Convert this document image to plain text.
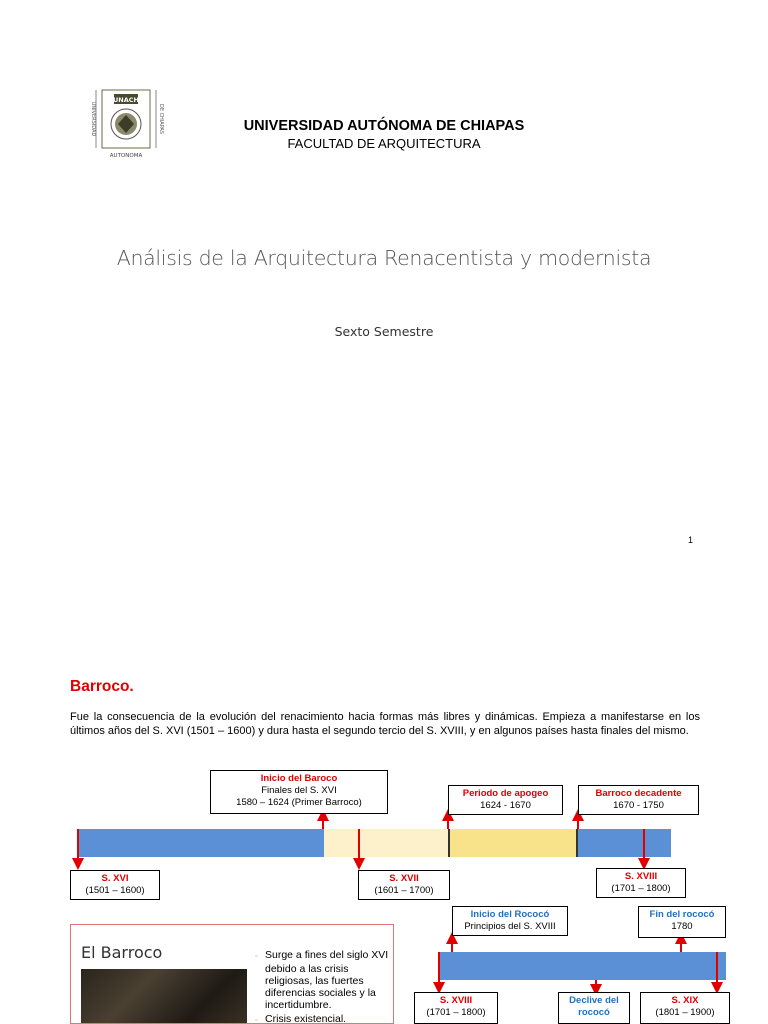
UNACH
UNIVERSIDAD	DE CHIAPAS
AUTONOMA
UNIVERSIDAD AUTÓNOMA DE CHIAPAS
FACULTAD DE ARQUITECTURA
Análisis de la Arquitectura Renacentista y modernista
Sexto Semestre
1
Barroco.
Fue la consecuencia de la evolución del renacimiento hacia formas más libres y dinámicas. Empieza a manifestarse en los últimos años del S. XVI (1501 – 1600) y dura hasta el segundo tercio del S. XVIII, y en algunos países hasta finales del mismo.
Inicio del Baroco
Finales del S. XVI
1580 – 1624 (Primer Barroco)
Periodo de apogeo
1624 - 1670
Barroco decadente
1670 - 1750
S. XVI
(1501 – 1600)
S. XVII
(1601 – 1700)
S. XVIII
(1701 – 1800)
Inicio del Rococó
Principios del S. XVIII
Fin del rococó
1780
S. XVIII
(1701 – 1800)
Declive del
rococó
S. XIX
(1801 – 1900)
El Barroco
▫	Surge a fines del siglo XVI debido a las crisis religiosas, las fuertes diferencias sociales y la incertidumbre.
▫ Crisis existencial.
